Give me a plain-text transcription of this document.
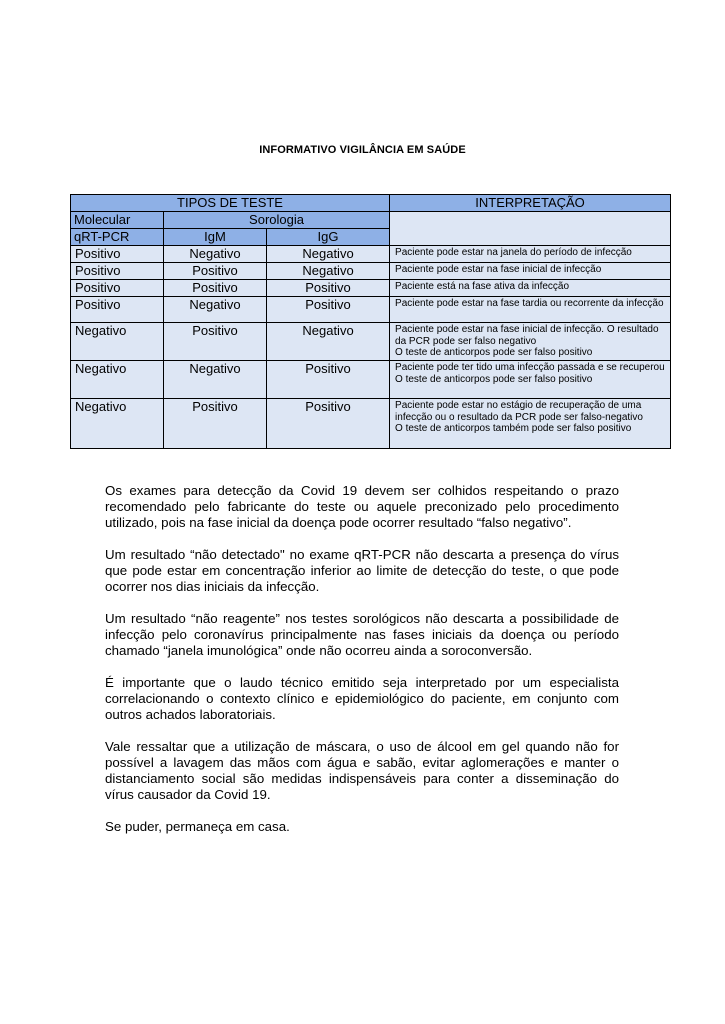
INFORMATIVO VIGILÂNCIA EM SAÚDE
TIPOS DE TESTE			INTERPRETAÇÃO
Molecular	Sorologia		
qRT-PCR	IgM	IgG	
Positivo	Negativo	Negativo	Paciente pode estar na janela do período de infecção

Positivo	Positivo	Negativo	Paciente pode estar na fase inicial de infecção

Positivo	Positivo	Positivo	Paciente está na fase ativa da infecção

Positivo	Negativo	Positivo	Paciente pode estar na fase tardia ou recorrente da infecção

Negativo	Positivo	Negativo	Paciente pode estar na fase inicial de infecção. O resultado da PCR pode ser falso negativo
O teste de anticorpos pode ser falso positivo

Negativo	Negativo	Positivo	Paciente pode ter tido uma infecção passada e se recuperou
O teste de anticorpos pode ser falso positivo

Negativo	Positivo	Positivo	Paciente pode estar no estágio de recuperação de uma infecção ou o resultado da PCR pode ser falso-negativo
O teste de anticorpos também pode ser falso positivo

Os exames para detecção da Covid 19 devem ser colhidos respeitando o prazo recomendado pelo fabricante do teste ou aquele preconizado pelo procedimento utilizado, pois na fase inicial da doença pode ocorrer resultado “falso negativo”.

Um resultado “não detectado" no exame qRT-PCR não descarta a presença do vírus que pode estar em concentração inferior ao limite de detecção do teste, o que pode ocorrer nos dias iniciais da infecção.

Um resultado “não reagente” nos testes sorológicos não descarta a possibilidade de infecção pelo coronavírus principalmente nas fases iniciais da doença ou período chamado “janela imunológica” onde não ocorreu ainda a soroconversão.

É importante que o laudo técnico emitido seja interpretado por um especialista correlacionando o contexto clínico e epidemiológico do paciente, em conjunto com outros achados laboratoriais.

Vale ressaltar que a utilização de máscara, o uso de álcool em gel quando não for possível a lavagem das mãos com água e sabão, evitar aglomerações e manter o distanciamento social são medidas indispensáveis para conter a disseminação do vírus causador da Covid 19.

Se puder, permaneça em casa.
